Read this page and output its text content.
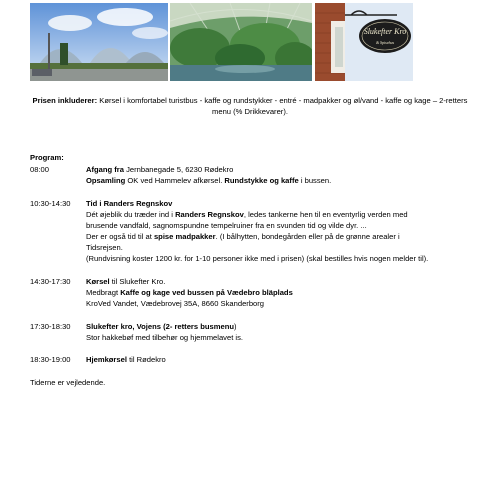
Slukefter Kro
& Spisehus
Prisen inkluderer: Kørsel i komfortabel turistbus - kaffe og rundstykker - entré - madpakker og øl/vand - kaffe og kage – 2-retters menu (% Drikkevarer).
Program:
08:00	Afgang fra Jernbanegade 5, 6230 Rødekro
Opsamling OK ved Hammelev afkørsel. Rundstykke og kaffe i bussen.
10:30-14:30	Tid i Randers Regnskov
Dét øjeblik du træder ind i Randers Regnskov, ledes tankerne hen til en eventyrlig verden med
brusende vandfald, sagnomspundne tempelruiner fra en svunden tid og vilde dyr. ...
Der er også tid til at spise madpakker. (I bålhytten, bondegården eller på de grønne arealer i
Tidsrejsen.
(Rundvisning koster 1200 kr. for 1-10 personer ikke med i prisen) (skal bestilles hvis nogen melder til).
14:30-17:30	Kørsel til Slukefter Kro.
Medbragt Kaffe og kage ved bussen på Vædebro bläplads
KroVed Vandet, Vædebrovej 35A, 8660 Skanderborg
17:30-18:30	Slukefter kro, Vojens (2- retters busmenu)
Stor hakkebøf med tilbehør og hjemmelavet is.
18:30-19:00	Hjemkørsel til Rødekro
Tiderne er vejledende.
